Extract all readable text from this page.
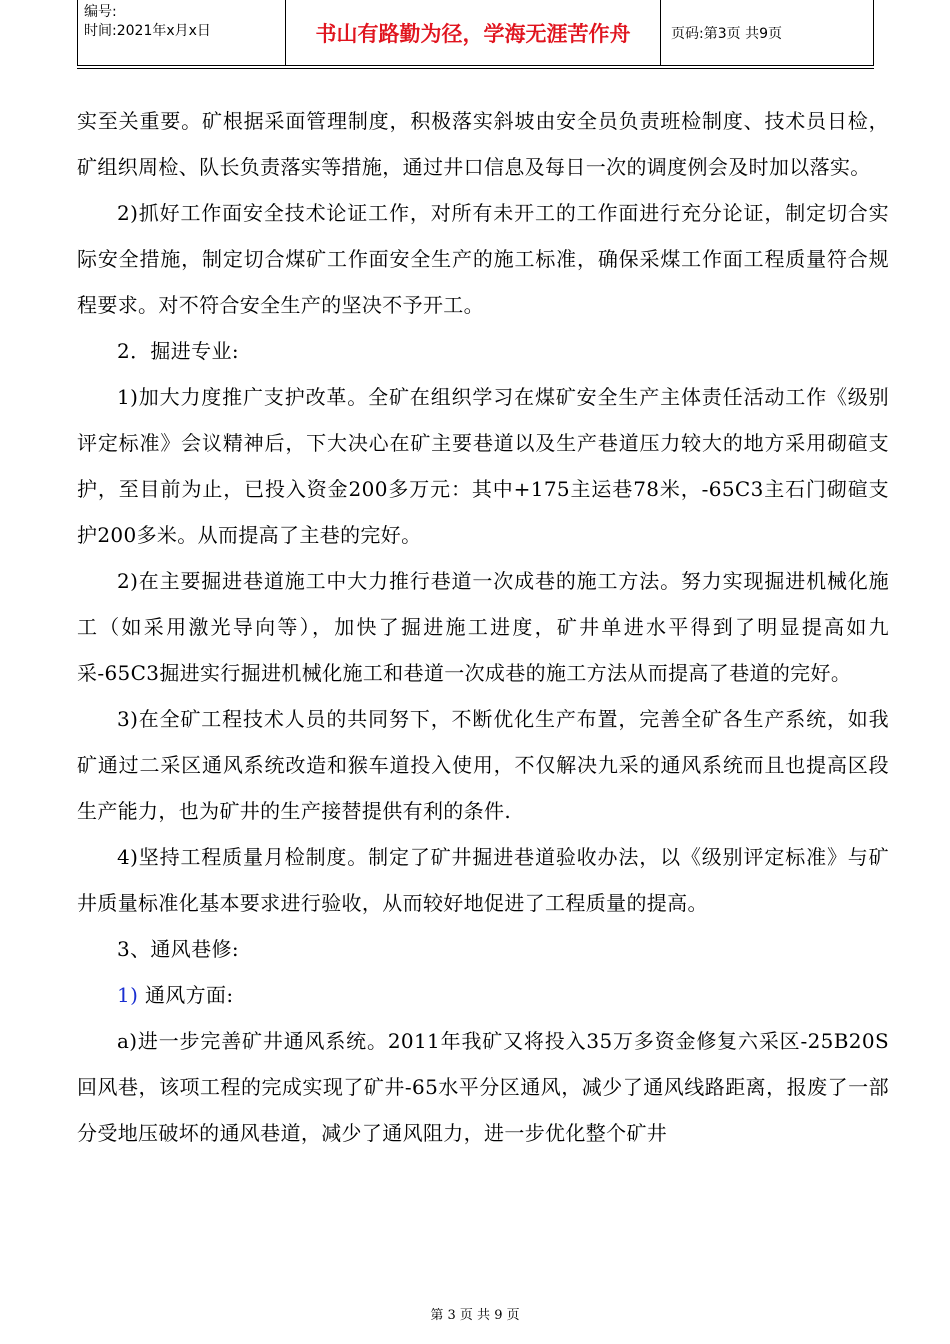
编号:
时间:2021年x月x日	书山有路勤为径，学海无涯苦作舟	页码:第3页 共9页

实至关重要。矿根据采面管理制度，积极落实斜坡由安全员负责班检制度、技术员日检，矿组织周检、队长负责落实等措施，通过井口信息及每日一次的调度例会及时加以落实。

2)抓好工作面安全技术论证工作，对所有未开工的工作面进行充分论证，制定切合实际安全措施，制定切合煤矿工作面安全生产的施工标准，确保采煤工作面工程质量符合规程要求。对不符合安全生产的坚决不予开工。

2．掘进专业:

1)加大力度推广支护改革。全矿在组织学习在煤矿安全生产主体责任活动工作《级别评定标准》会议精神后，下大决心在矿主要巷道以及生产巷道压力较大的地方采用砌碹支护，至目前为止，已投入资金200多万元：其中+175主运巷78米，-65C3主石门砌碹支护200多米。从而提高了主巷的完好。

2)在主要掘进巷道施工中大力推行巷道一次成巷的施工方法。努力实现掘进机械化施工（如采用激光导向等），加快了掘进施工进度，矿井单进水平得到了明显提高如九采-65C3掘进实行掘进机械化施工和巷道一次成巷的施工方法从而提高了巷道的完好。

3)在全矿工程技术人员的共同努下，不断优化生产布置，完善全矿各生产系统，如我矿通过二采区通风系统改造和猴车道投入使用，不仅解决九采的通风系统而且也提高区段生产能力，也为矿井的生产接替提供有利的条件.

4)坚持工程质量月检制度。制定了矿井掘进巷道验收办法，以《级别评定标准》与矿井质量标准化基本要求进行验收，从而较好地促进了工程质量的提高。

3、通风巷修:

1) 通风方面:

a)进一步完善矿井通风系统。2011年我矿又将投入35万多资金修复六采区-25B20S回风巷，该项工程的完成实现了矿井-65水平分区通风，减少了通风线路距离，报废了一部分受地压破坏的通风巷道，减少了通风阻力，进一步优化整个矿井

第 3 页 共 9 页
